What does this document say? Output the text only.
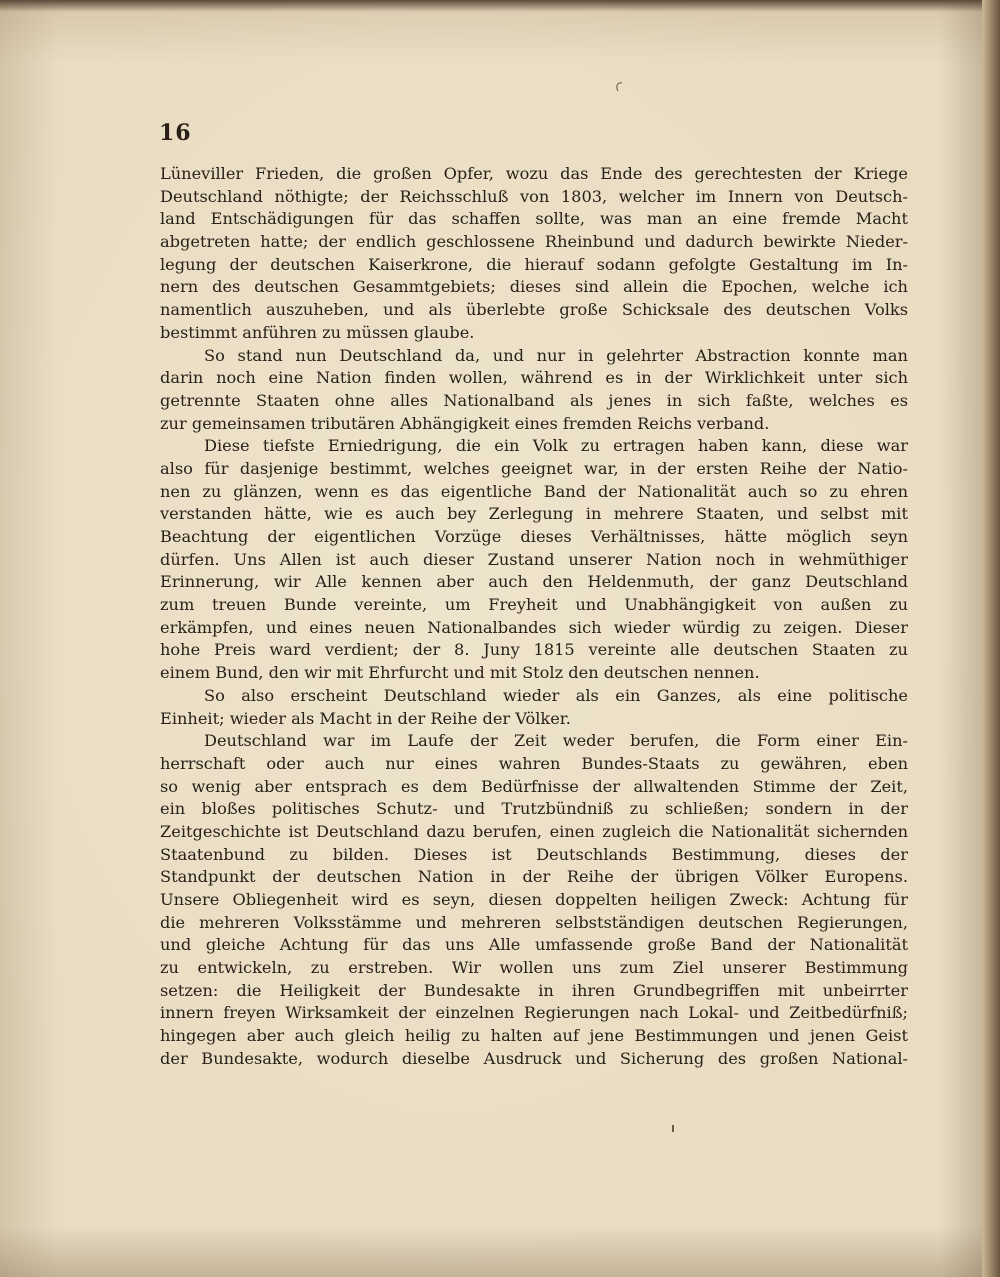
16
Lüneviller Frieden, die großen Opfer, wozu das Ende des gerechtesten der Kriege
Deutschland nöthigte; der Reichsschluß von 1803, welcher im Innern von Deutsch-
land Entschädigungen für das schaffen sollte, was man an eine fremde Macht
abgetreten hatte; der endlich geschlossene Rheinbund und dadurch bewirkte Nieder-
legung der deutschen Kaiserkrone, die hierauf sodann gefolgte Gestaltung im In-
nern des deutschen Gesammtgebiets; dieses sind allein die Epochen, welche ich
namentlich auszuheben, und als überlebte große Schicksale des deutschen Volks
bestimmt anführen zu müssen glaube.
So stand nun Deutschland da, und nur in gelehrter Abstraction konnte man
darin noch eine Nation finden wollen, während es in der Wirklichkeit unter sich
getrennte Staaten ohne alles Nationalband als jenes in sich faßte, welches es
zur gemeinsamen tributären Abhängigkeit eines fremden Reichs verband.
Diese tiefste Erniedrigung, die ein Volk zu ertragen haben kann, diese war
also für dasjenige bestimmt, welches geeignet war, in der ersten Reihe der Natio-
nen zu glänzen, wenn es das eigentliche Band der Nationalität auch so zu ehren
verstanden hätte, wie es auch bey Zerlegung in mehrere Staaten, und selbst mit
Beachtung der eigentlichen Vorzüge dieses Verhältnisses, hätte möglich seyn
dürfen. Uns Allen ist auch dieser Zustand unserer Nation noch in wehmüthiger
Erinnerung, wir Alle kennen aber auch den Heldenmuth, der ganz Deutschland
zum treuen Bunde vereinte, um Freyheit und Unabhängigkeit von außen zu
erkämpfen, und eines neuen Nationalbandes sich wieder würdig zu zeigen. Dieser
hohe Preis ward verdient; der 8. Juny 1815 vereinte alle deutschen Staaten zu
einem Bund, den wir mit Ehrfurcht und mit Stolz den deutschen nennen.
So also erscheint Deutschland wieder als ein Ganzes, als eine politische
Einheit; wieder als Macht in der Reihe der Völker.
Deutschland war im Laufe der Zeit weder berufen, die Form einer Ein-
herrschaft oder auch nur eines wahren Bundes-Staats zu gewähren, eben
so wenig aber entsprach es dem Bedürfnisse der allwaltenden Stimme der Zeit,
ein bloßes politisches Schutz- und Trutzbündniß zu schließen; sondern in der
Zeitgeschichte ist Deutschland dazu berufen, einen zugleich die Nationalität sichernden
Staatenbund zu bilden. Dieses ist Deutschlands Bestimmung, dieses der
Standpunkt der deutschen Nation in der Reihe der übrigen Völker Europens.
Unsere Obliegenheit wird es seyn, diesen doppelten heiligen Zweck: Achtung für
die mehreren Volksstämme und mehreren selbstständigen deutschen Regierungen,
und gleiche Achtung für das uns Alle umfassende große Band der Nationalität
zu entwickeln, zu erstreben. Wir wollen uns zum Ziel unserer Bestimmung
setzen: die Heiligkeit der Bundesakte in ihren Grundbegriffen mit unbeirrter
innern freyen Wirksamkeit der einzelnen Regierungen nach Lokal- und Zeitbedürfniß;
hingegen aber auch gleich heilig zu halten auf jene Bestimmungen und jenen Geist
der Bundesakte, wodurch dieselbe Ausdruck und Sicherung des großen National-
